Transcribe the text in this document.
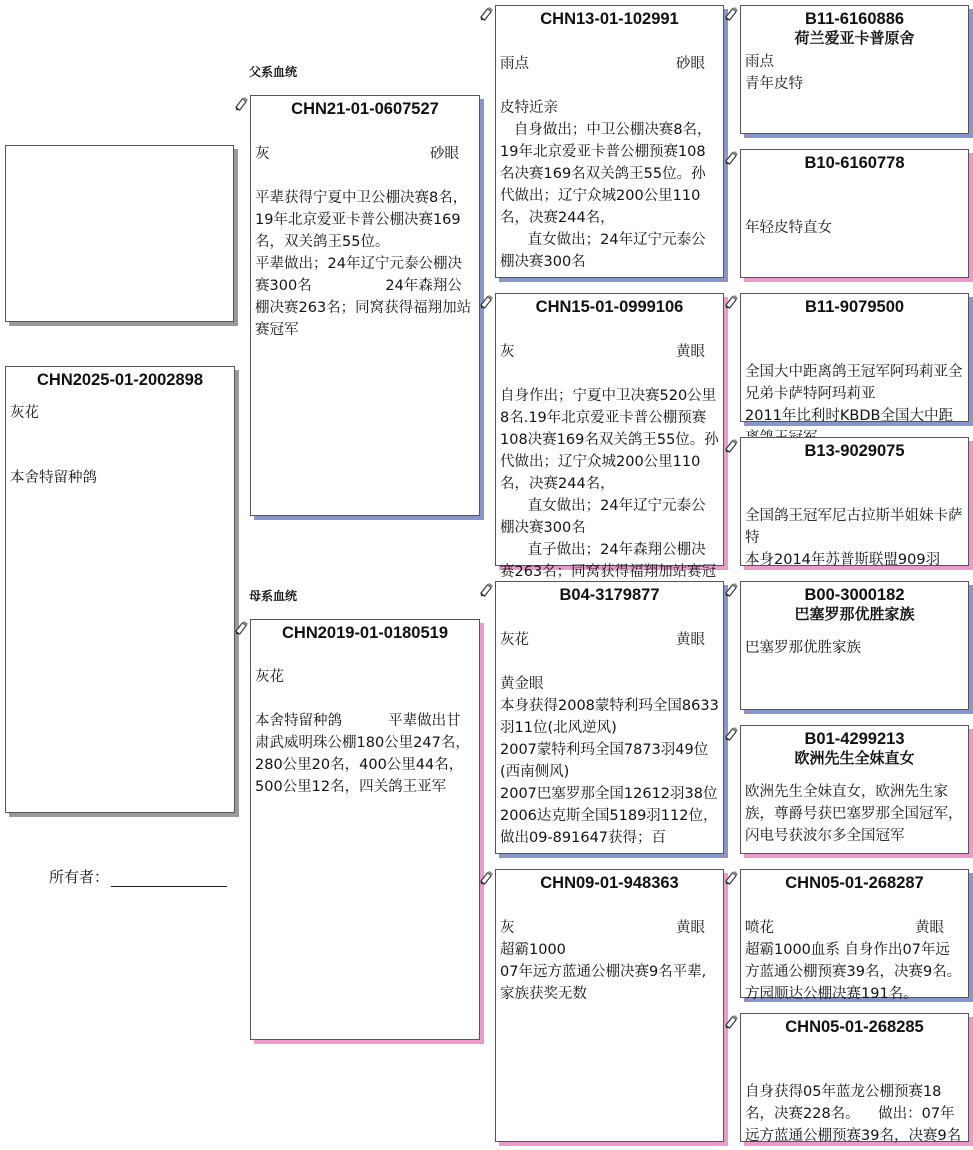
父系血统
母系血统
CHN2025-01-2002898
灰花
本舍特留种鸽
所有者：
CHN21-01-0607527
灰	砂眼
平辈获得宁夏中卫公棚决赛8名，
19年北京爱亚卡普公棚决赛169名，双关鸽王55位。
平辈做出；24年辽宁元泰公棚决赛300名                24年森翔公棚决赛263名；同窝获得福翔加站赛冠军
CHN2019-01-0180519
灰花
本舍特留种鸽          平辈做出甘肃武威明珠公棚180公里247名，280公里20名，400公里44名，500公里12名，四关鸽王亚军
CHN13-01-102991
雨点	砂眼
皮特近亲
自身做出；中卫公棚决赛8名，19年北京爱亚卡普公棚预赛108名决赛169名双关鸽王55位。孙代做出；辽宁众城200公里110名，决赛244名，
直女做出；24年辽宁元泰公棚决赛300名
CHN15-01-0999106
灰	黄眼
自身作出；宁夏中卫决赛520公里8名.19年北京爱亚卡普公棚预赛108决赛169名双关鸽王55位。孙代做出；辽宁众城200公里110名，决赛244名，
直女做出；24年辽宁元泰公棚决赛300名
直子做出；24年森翔公棚决赛263名；同窝获得福翔加站赛冠
B04-3179877
灰花	黄眼
黄金眼
本身获得2008蒙特利玛全国8633羽11位(北风逆风)
2007蒙特利玛全国7873羽49位(西南侧风)
2007巴塞罗那全国12612羽38位
2006达克斯全国5189羽112位，做出09-891647获得；百
CHN09-01-948363
灰	黄眼
超霸1000
07年远方蓝通公棚决赛9名平辈,家族获奖无数
B11-6160886
荷兰爱亚卡普原舍
雨点
青年皮特
B10-6160778

年轻皮特直女
B11-9079500

全国大中距离鸽王冠军阿玛莉亚全兄弟卡萨特阿玛莉亚
2011年比利时KBDB全国大中距
B13-9029075

全国鸽王冠军尼古拉斯半姐妹卡萨特
本身2014年苏普斯联盟909羽
B00-3000182
巴塞罗那优胜家族
巴塞罗那优胜家族
B01-4299213
欧洲先生全妹直女
欧洲先生全妹直女，欧洲先生家族，尊爵号获巴塞罗那全国冠军，闪电号获波尔多全国冠军
CHN05-01-268287
喷花	黄眼
超霸1000血系 自身作出07年远方蓝通公棚预赛39名，决赛9名。方园顺达公棚决赛191名。
CHN05-01-268285

自身获得05年蓝龙公棚预赛18名，决赛228名。    做出：07年远方蓝通公棚预赛39名，决赛9名
